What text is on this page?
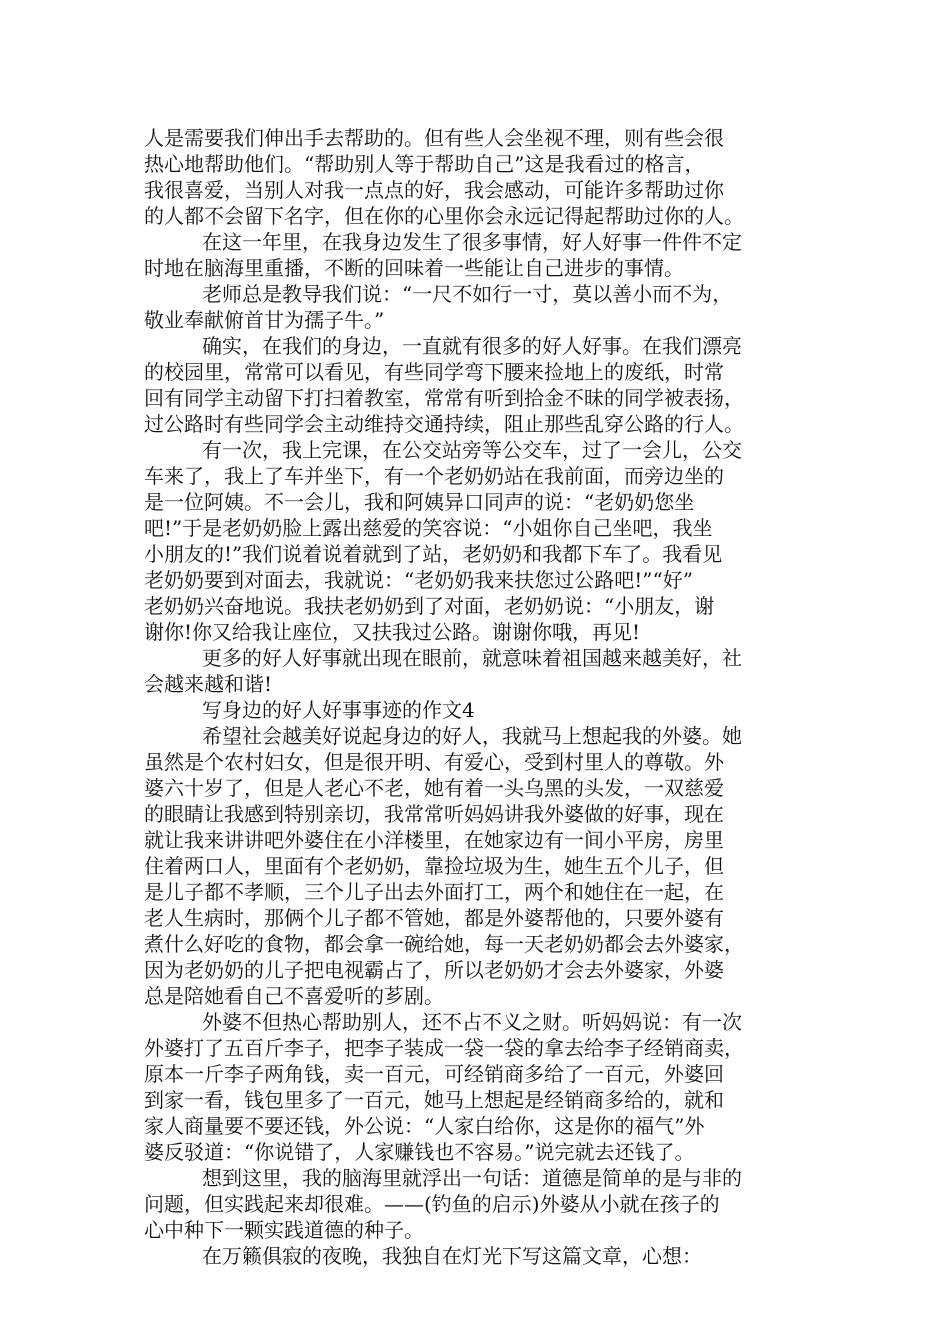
人是需要我们伸出手去帮助的。但有些人会坐视不理，则有些会很
热心地帮助他们。“帮助别人等于帮助自己”这是我看过的格言，
我很喜爱，当别人对我一点点的好，我会感动，可能许多帮助过你
的人都不会留下名字，但在你的心里你会永远记得起帮助过你的人。
在这一年里，在我身边发生了很多事情，好人好事一件件不定
时地在脑海里重播，不断的回味着一些能让自己进步的事情。
老师总是教导我们说：“一尺不如行一寸，莫以善小而不为，
敬业奉献俯首甘为孺子牛。”
确实，在我们的身边，一直就有很多的好人好事。在我们漂亮
的校园里，常常可以看见，有些同学弯下腰来捡地上的废纸，时常
回有同学主动留下打扫着教室，常常有听到拾金不昧的同学被表扬，
过公路时有些同学会主动维持交通持续，阻止那些乱穿公路的行人。
有一次，我上完课，在公交站旁等公交车，过了一会儿，公交
车来了，我上了车并坐下，有一个老奶奶站在我前面，而旁边坐的
是一位阿姨。不一会儿，我和阿姨异口同声的说：“老奶奶您坐
吧!”于是老奶奶脸上露出慈爱的笑容说：“小姐你自己坐吧，我坐
小朋友的!”我们说着说着就到了站，老奶奶和我都下车了。我看见
老奶奶要到对面去，我就说：“老奶奶我来扶您过公路吧!”“好”
老奶奶兴奋地说。我扶老奶奶到了对面，老奶奶说：“小朋友，谢
谢你!你又给我让座位，又扶我过公路。谢谢你哦，再见!
更多的好人好事就出现在眼前，就意味着祖国越来越美好，社
会越来越和谐!
写身边的好人好事事迹的作文4
希望社会越美好说起身边的好人，我就马上想起我的外婆。她
虽然是个农村妇女，但是很开明、有爱心，受到村里人的尊敬。外
婆六十岁了，但是人老心不老，她有着一头乌黑的头发，一双慈爱
的眼睛让我感到特别亲切，我常常听妈妈讲我外婆做的好事，现在
就让我来讲讲吧外婆住在小洋楼里，在她家边有一间小平房，房里
住着两口人，里面有个老奶奶，靠捡垃圾为生，她生五个儿子，但
是儿子都不孝顺，三个儿子出去外面打工，两个和她住在一起，在
老人生病时，那俩个儿子都不管她，都是外婆帮他的，只要外婆有
煮什么好吃的食物，都会拿一碗给她，每一天老奶奶都会去外婆家，
因为老奶奶的儿子把电视霸占了，所以老奶奶才会去外婆家，外婆
总是陪她看自己不喜爱听的芗剧。
外婆不但热心帮助别人，还不占不义之财。听妈妈说：有一次
外婆打了五百斤李子，把李子装成一袋一袋的拿去给李子经销商卖，
原本一斤李子两角钱，卖一百元，可经销商多给了一百元，外婆回
到家一看，钱包里多了一百元，她马上想起是经销商多给的，就和
家人商量要不要还钱，外公说：“人家白给你，这是你的福气”外
婆反驳道：“你说错了，人家赚钱也不容易。”说完就去还钱了。
想到这里，我的脑海里就浮出一句话：道德是简单的是与非的
问题，但实践起来却很难。——(钓鱼的启示)外婆从小就在孩子的
心中种下一颗实践道德的种子。
在万籁俱寂的夜晚，我独自在灯光下写这篇文章，心想：
